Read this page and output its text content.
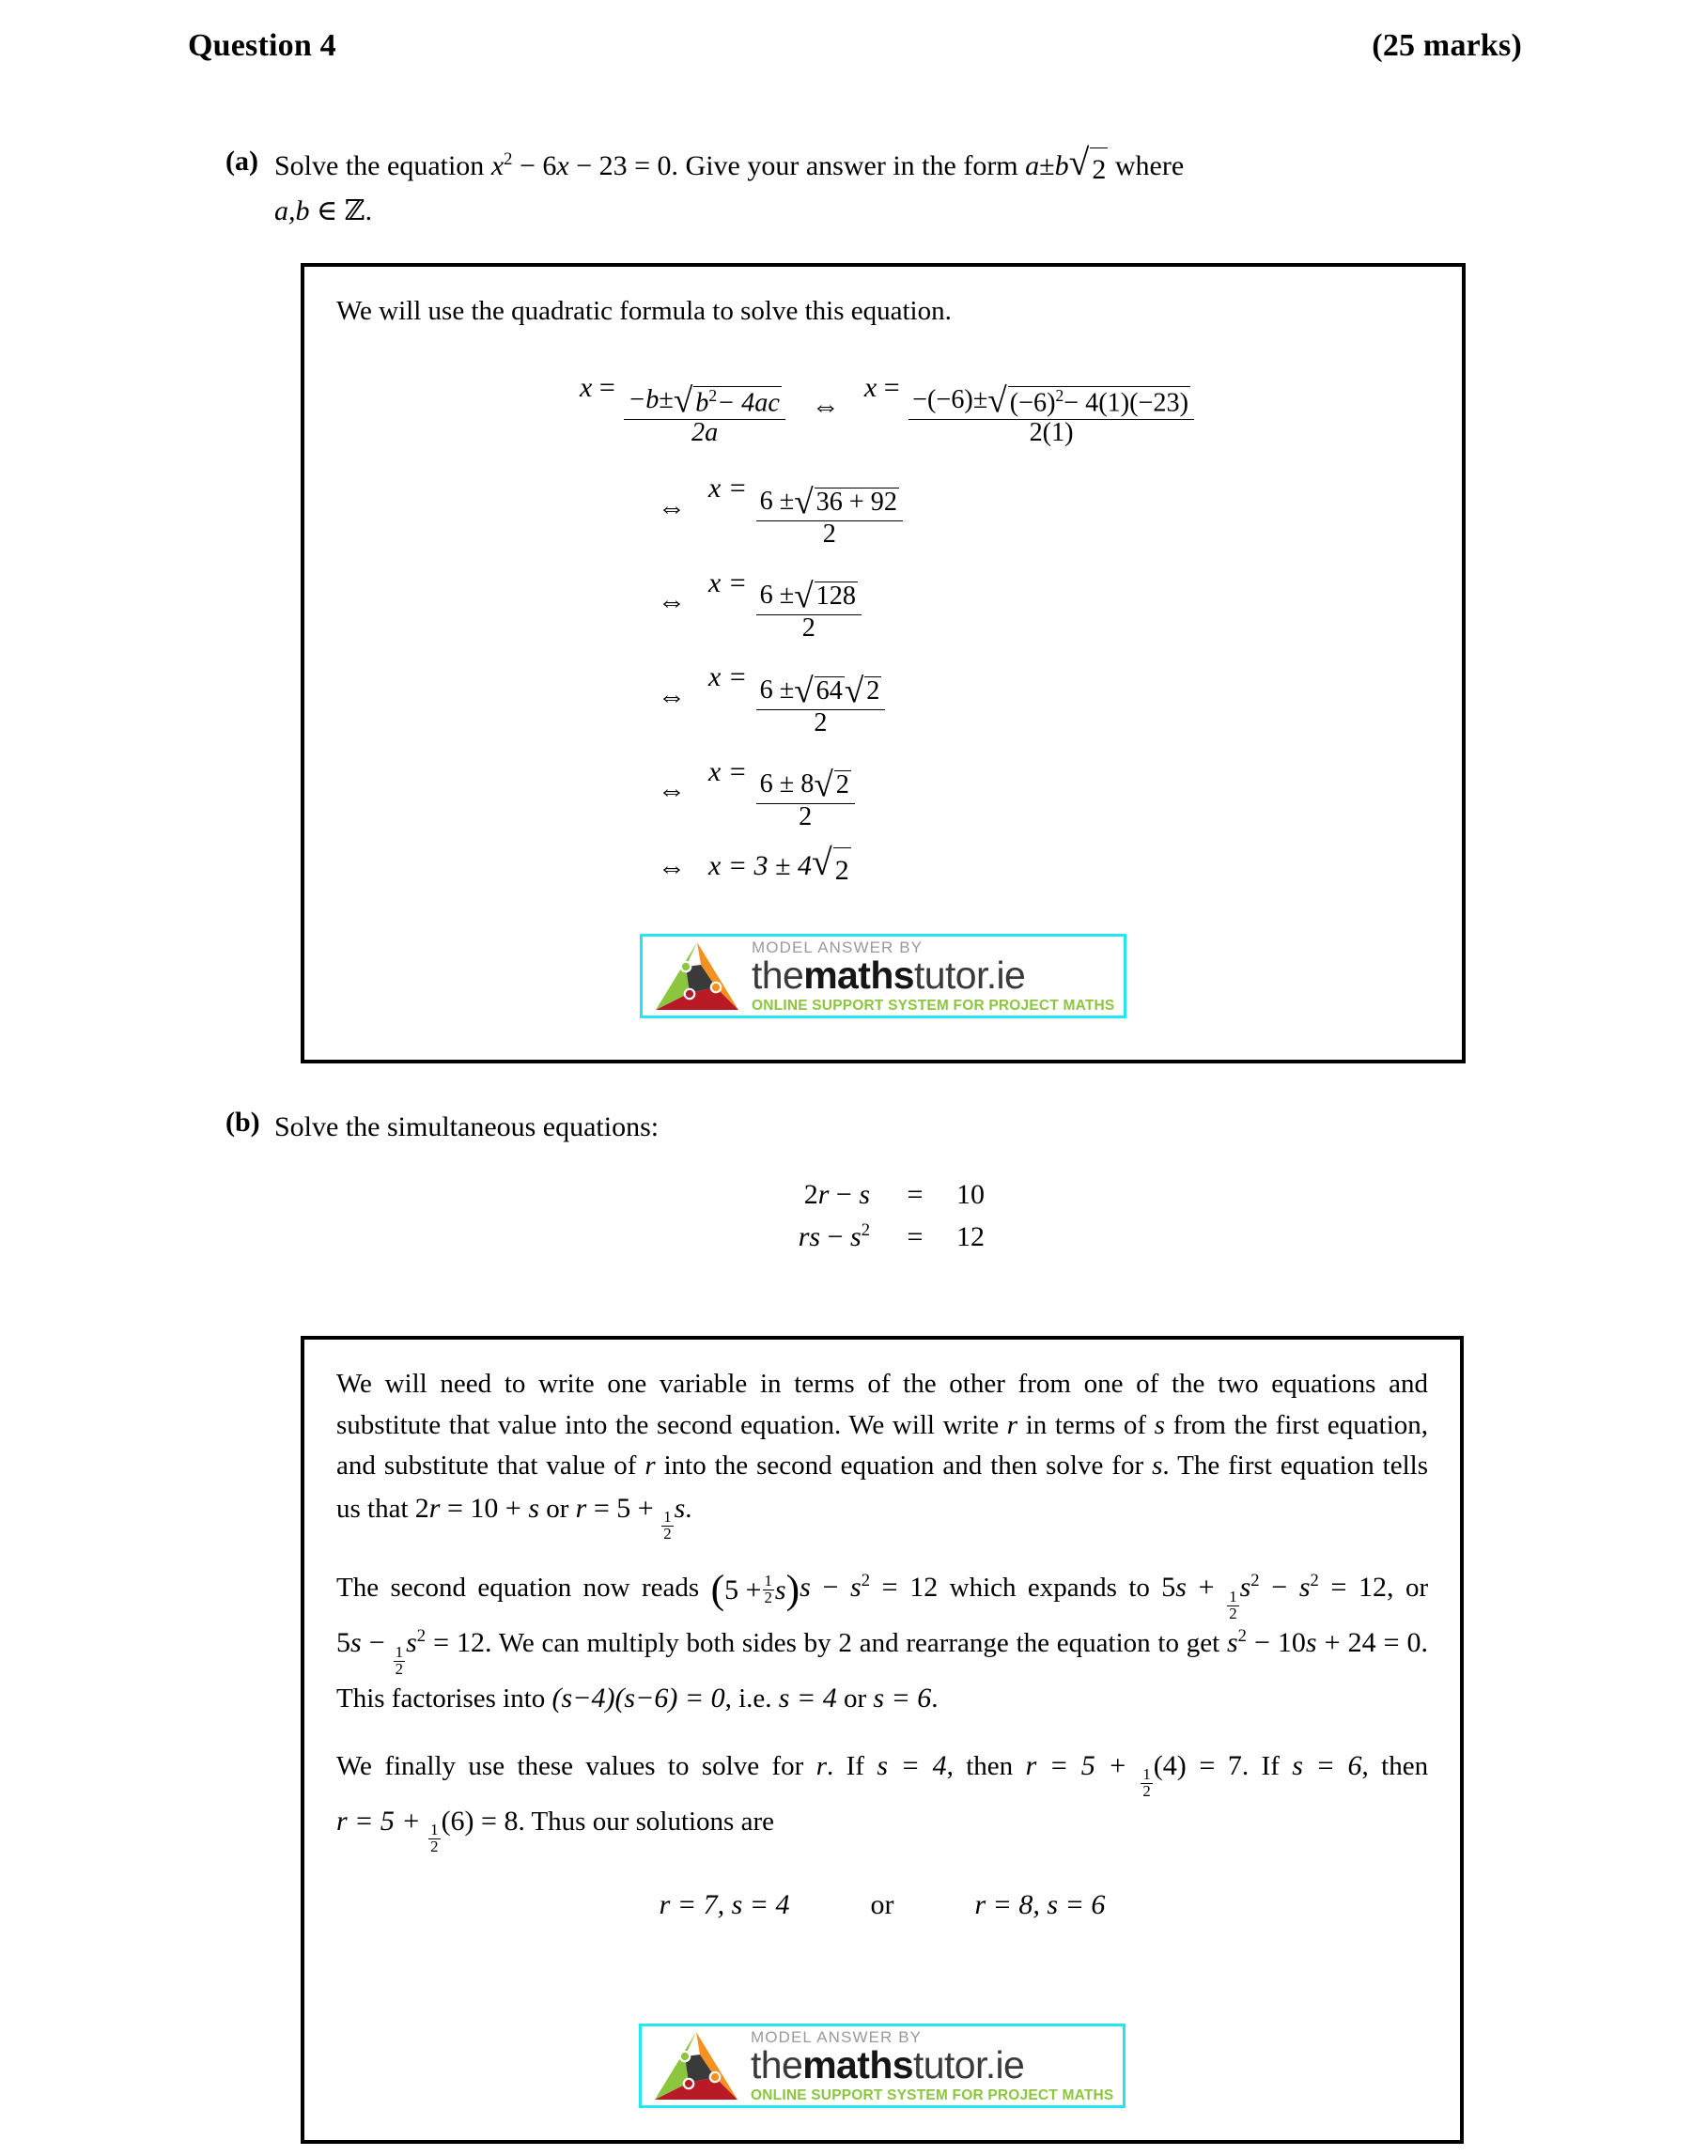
Question 4	(25 marks)
(a) Solve the equation $x^2 - 6x - 23 = 0$. Give your answer in the form a±b √ 2 where
a,b ∈ ℤ.

We will use the quadratic formula to solve this equation.

$x = \frac{-b\pm √ b^2- 4ac}{2a}$ ⇔
$x = \frac{-(-6)\pm √ (-6)^2- 4(1)(-23)}{2(1)}$
⇔
$x = \frac{6 \pm √ 36 + 92}{2}$
⇔
$x = \frac{6 \pm √ 128}{2}$
⇔
$x = \frac{6 \pm √ 64 √ 2}{2}$
⇔
$x = \frac{6 \pm 8 √ 2}{2}$
⇔ x = 3 ± 4 √ 2
MODEL ANSWER BY
themathstutor.ie
ONLINE SUPPORT SYSTEM FOR PROJECT MATHS
(b) Solve the simultaneous equations:
2r − s	=	10
rs − $s^2$	=	12

We will need to write one variable in terms of the other from one of the two equations and substitute that value into the second equation. We will write r in terms of s from the first equation, and substitute that value of r into the second equation and then solve for s. The first equation tells us that 2r = 10 + s or r = 5 +
$\frac{1}{2}$
s.

The second equation now reads ( $5 + \frac{1}{2}$ s ) $s - s^2 = 12$ which expands to 5s +
$\frac{1}{2}$
$s^2 - s^2 = 12$, or 5s −
$\frac{1}{2}$
$s^2 = 12$. We can multiply both sides by 2 and rearrange the equation to get $s^2 - 10s + 24 = 0$. This factorises into (s−4)(s−6) = 0, i.e. s = 4 or s = 6.

We finally use these values to solve for r. If s = 4, then r = 5 +
$\frac{1}{2}$
(4) = 7. If s = 6, then r = 5 +
$\frac{1}{2}$
(6) = 8. Thus our solutions are

r = 7, s = 4	or	r = 8, s = 6
MODEL ANSWER BY
themathstutor.ie
ONLINE SUPPORT SYSTEM FOR PROJECT MATHS
